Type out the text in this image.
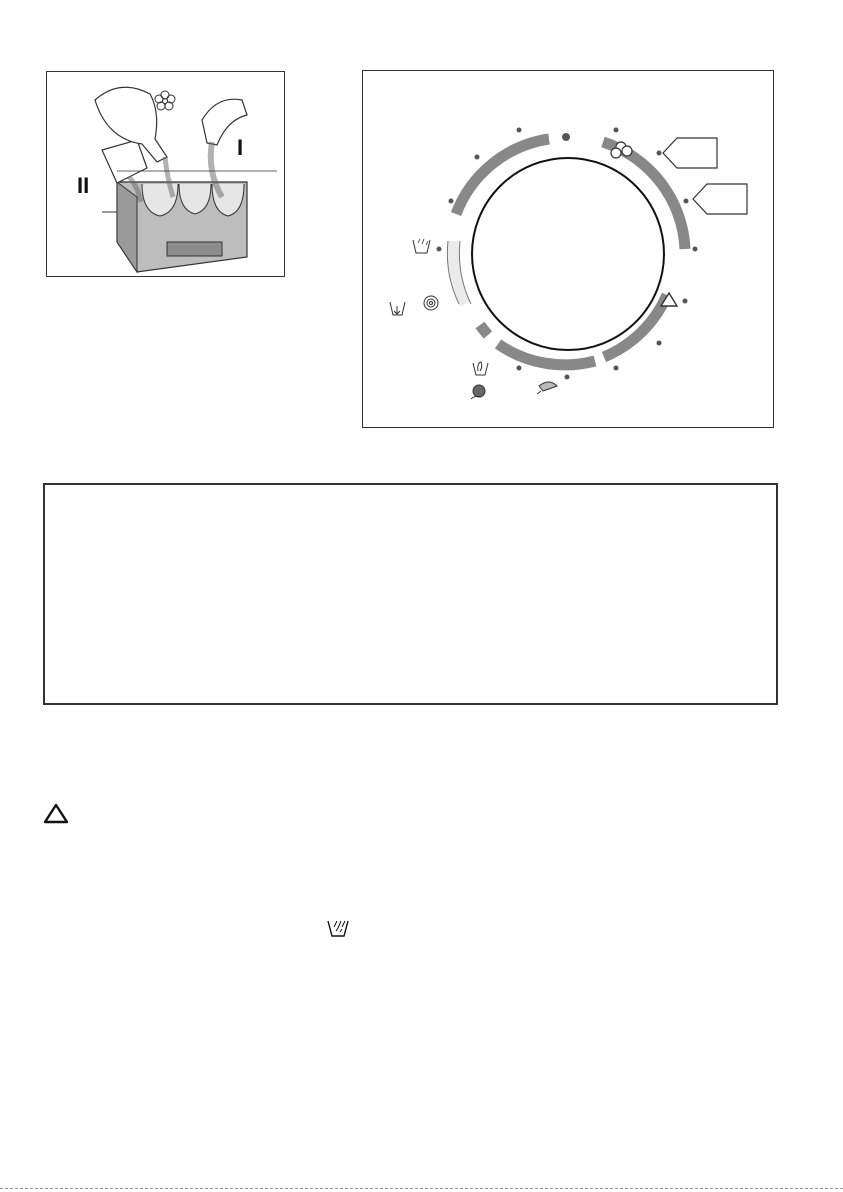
II
I
